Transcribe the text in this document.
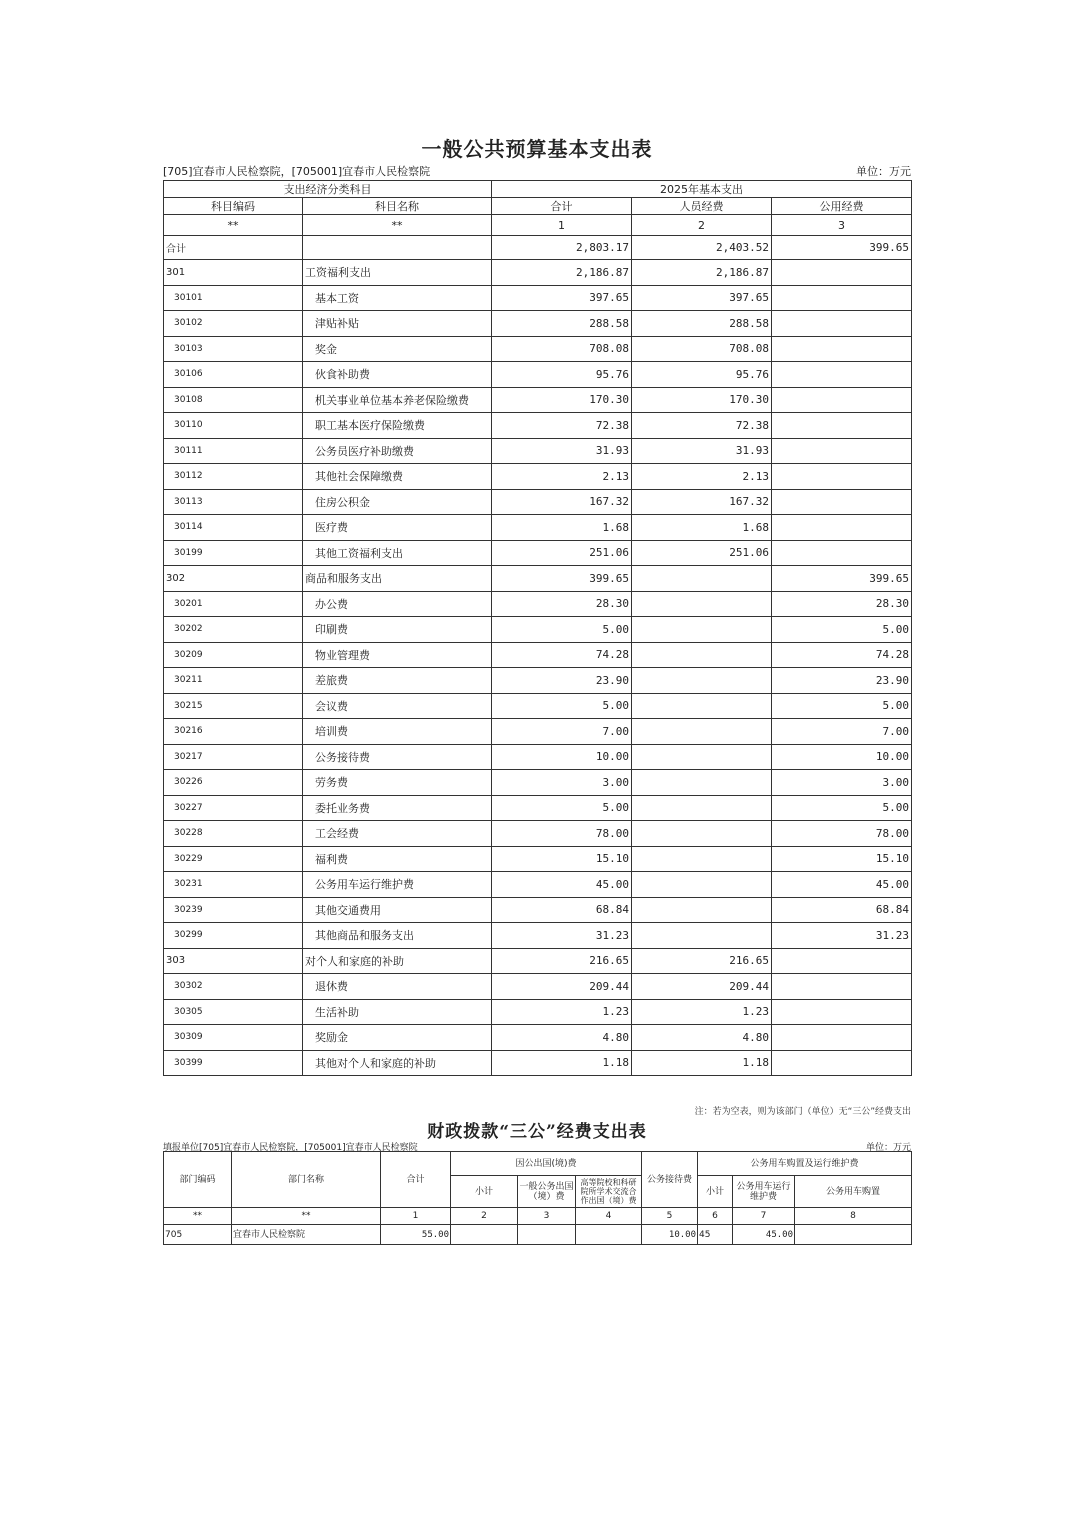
一般公共预算基本支出表
[705]宜春市人民检察院，[705001]宜春市人民检察院	单位：万元
支出经济分类科目		2025年基本支出		
科目编码	科目名称	合计	人员经费	公用经费
**	**	1	2	3
合计		2,803.17	2,403.52	399.65
301	工资福利支出	2,186.87	2,186.87	
30101	基本工资	397.65	397.65	
30102	津贴补贴	288.58	288.58	
30103	奖金	708.08	708.08	
30106	伙食补助费	95.76	95.76	
30108	机关事业单位基本养老保险缴费	170.30	170.30	
30110	职工基本医疗保险缴费	72.38	72.38	
30111	公务员医疗补助缴费	31.93	31.93	
30112	其他社会保障缴费	2.13	2.13	
30113	住房公积金	167.32	167.32	
30114	医疗费	1.68	1.68	
30199	其他工资福利支出	251.06	251.06	
302	商品和服务支出	399.65		399.65
30201	办公费	28.30		28.30
30202	印刷费	5.00		5.00
30209	物业管理费	74.28		74.28
30211	差旅费	23.90		23.90
30215	会议费	5.00		5.00
30216	培训费	7.00		7.00
30217	公务接待费	10.00		10.00
30226	劳务费	3.00		3.00
30227	委托业务费	5.00		5.00
30228	工会经费	78.00		78.00
30229	福利费	15.10		15.10
30231	公务用车运行维护费	45.00		45.00
30239	其他交通费用	68.84		68.84
30299	其他商品和服务支出	31.23		31.23
303	对个人和家庭的补助	216.65	216.65	
30302	退休费	209.44	209.44	
30305	生活补助	1.23	1.23	
30309	奖励金	4.80	4.80	
30399	其他对个人和家庭的补助	1.18	1.18	
注：若为空表，则为该部门（单位）无“三公”经费支出
财政拨款“三公”经费支出表
填报单位[705]宜春市人民检察院，[705001]宜春市人民检察院	单位：万元
部门编码	部门名称	合计	因公出国(境)费			公务接待费	公务用车购置及运行维护费		
			小计	一般公务出国（境）费	高等院校和科研院所学术交流合作出国（境）费		小计	公务用车运行维护费	公务用车购置
**	**	1	2	3	4	5	6	7	8
705	宜春市人民检察院	55.00				10.00	45	45.00	
